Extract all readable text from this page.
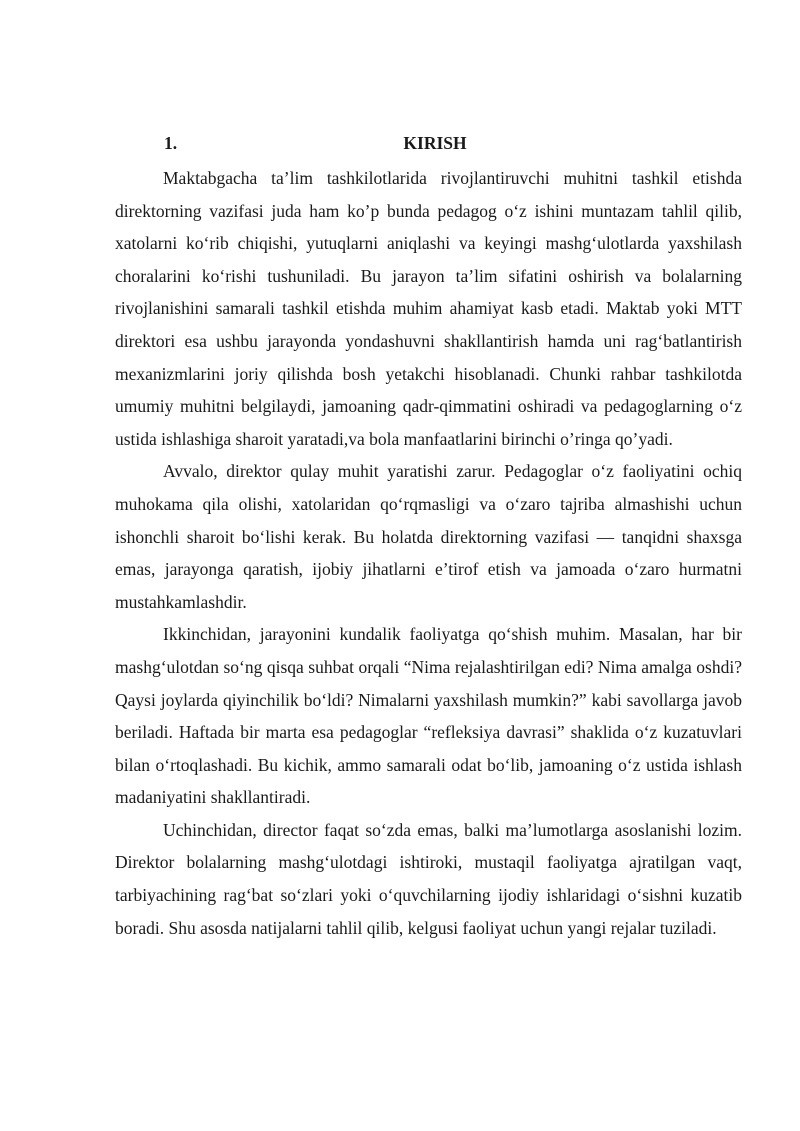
1.	KIRISH

Maktabgacha ta’lim tashkilotlarida rivojlantiruvchi muhitni tashkil etishda direktorning vazifasi juda ham ko’p bunda pedagog o‘z ishini muntazam tahlil qilib, xatolarni ko‘rib chiqishi, yutuqlarni aniqlashi va keyingi mashg‘ulotlarda yaxshilash choralarini ko‘rishi tushuniladi. Bu jarayon ta’lim sifatini oshirish va bolalarning rivojlanishini samarali tashkil etishda muhim ahamiyat kasb etadi. Maktab yoki MTT direktori esa ushbu jarayonda yondashuvni shakllantirish hamda uni rag‘batlantirish mexanizmlarini joriy qilishda bosh yetakchi hisoblanadi. Chunki rahbar tashkilotda umumiy muhitni belgilaydi, jamoaning qadr-qimmatini oshiradi va pedagoglarning o‘z ustida ishlashiga sharoit yaratadi,va bola manfaatlarini birinchi o’ringa qo’yadi.

Avvalo, direktor qulay muhit yaratishi zarur. Pedagoglar o‘z faoliyatini ochiq muhokama qila olishi, xatolaridan qo‘rqmasligi va o‘zaro tajriba almashishi uchun ishonchli sharoit bo‘lishi kerak. Bu holatda direktorning vazifasi — tanqidni shaxsga emas, jarayonga qaratish, ijobiy jihatlarni e’tirof etish va jamoada o‘zaro hurmatni mustahkamlashdir.

Ikkinchidan, jarayonini kundalik faoliyatga qo‘shish muhim. Masalan, har bir mashg‘ulotdan so‘ng qisqa suhbat orqali “Nima rejalashtirilgan edi? Nima amalga oshdi? Qaysi joylarda qiyinchilik bo‘ldi? Nimalarni yaxshilash mumkin?” kabi savollarga javob beriladi. Haftada bir marta esa pedagoglar “refleksiya davrasi” shaklida o‘z kuzatuvlari bilan o‘rtoqlashadi. Bu kichik, ammo samarali odat bo‘lib, jamoaning o‘z ustida ishlash madaniyatini shakllantiradi.

Uchinchidan, director faqat so‘zda emas, balki ma’lumotlarga asoslanishi lozim. Direktor bolalarning mashg‘ulotdagi ishtiroki, mustaqil faoliyatga ajratilgan vaqt, tarbiyachining rag‘bat so‘zlari yoki o‘quvchilarning ijodiy ishlaridagi o‘sishni kuzatib boradi. Shu asosda natijalarni tahlil qilib, kelgusi faoliyat uchun yangi rejalar tuziladi.
